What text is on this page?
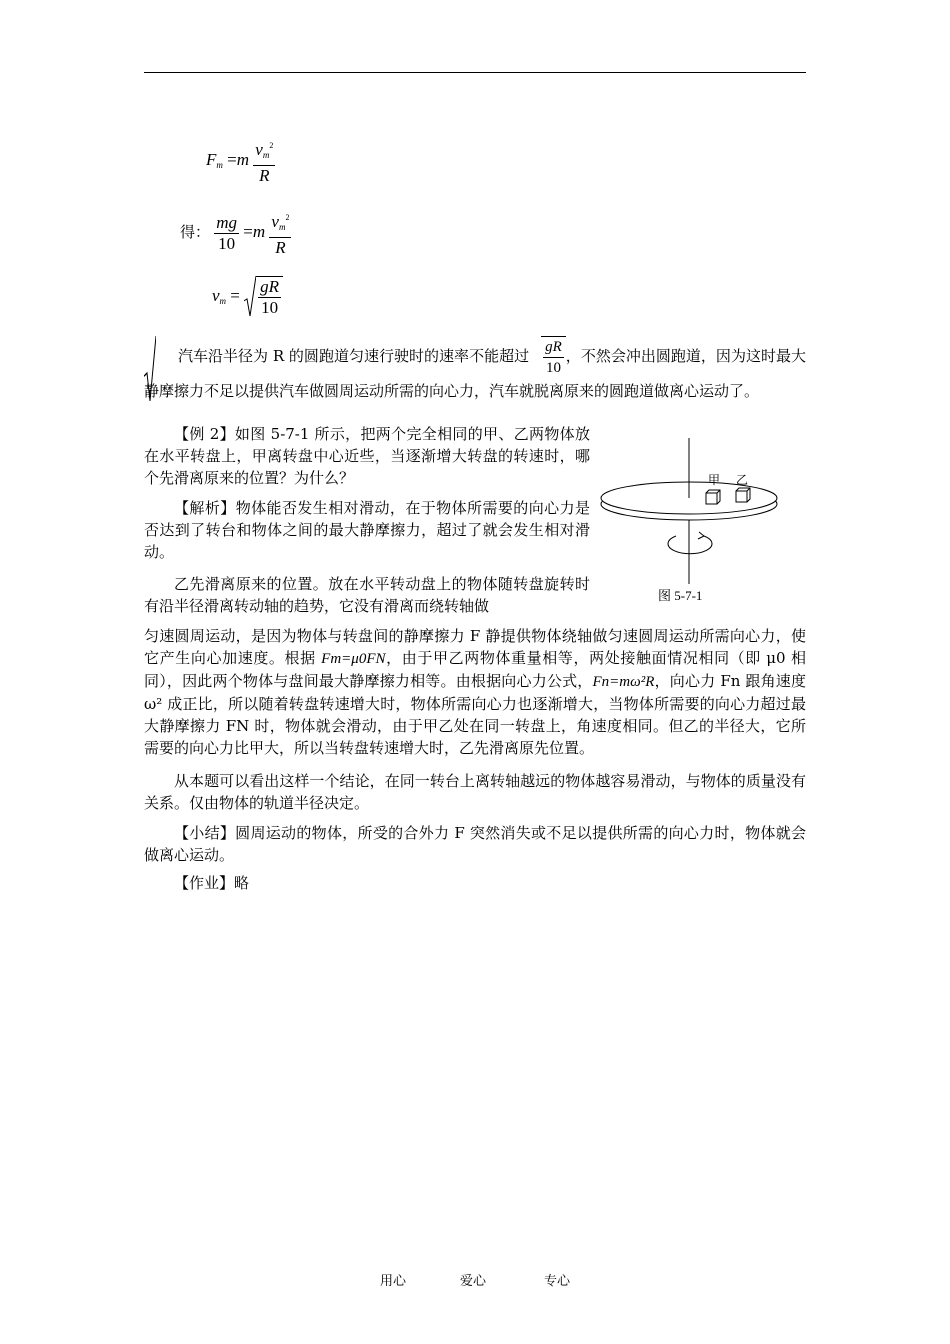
$F_m =m \frac{v_m^2}{R}$
得： $\frac{mg}{10} =m \frac{v_m^2}{R}$
$v_m = \frac{gR}{10}$
汽车沿半径为 R 的圆跑道匀速行驶时的速率不能超过 $\frac{gR}{10}$ ，不然会冲出圆跑道，因为这时最大静摩擦力不足以提供汽车做圆周运动所需的向心力，汽车就脱离原来的圆跑道做离心运动了。
【例 2】如图 5-7-1 所示，把两个完全相同的甲、乙两物体放在水平转盘上，甲离转盘中心近些，当逐渐增大转盘的转速时，哪个先滑离原来的位置？为什么？
【解析】物体能否发生相对滑动，在于物体所需要的向心力是否达到了转台和物体之间的最大静摩擦力，超过了就会发生相对滑动。
乙先滑离原来的位置。放在水平转动盘上的物体随转盘旋转时有沿半径滑离转动轴的趋势，它没有滑离而绕转轴做
甲 乙
图 5-7-1
匀速圆周运动，是因为物体与转盘间的静摩擦力 F 静提供物体绕轴做匀速圆周运动所需向心力，使它产生向心加速度。根据 Fm=μ0FN，由于甲乙两物体重量相等，两处接触面情况相同（即 μ0 相同），因此两个物体与盘间最大静摩擦力相等。由根据向心力公式，Fn=mω²R，向心力 Fn 跟角速度 ω² 成正比，所以随着转盘转速增大时，物体所需向心力也逐渐增大，当物体所需要的向心力超过最大静摩擦力 FN 时，物体就会滑动，由于甲乙处在同一转盘上，角速度相同。但乙的半径大，它所需要的向心力比甲大，所以当转盘转速增大时，乙先滑离原先位置。
从本题可以看出这样一个结论，在同一转台上离转轴越远的物体越容易滑动，与物体的质量没有关系。仅由物体的轨道半径决定。
【小结】圆周运动的物体，所受的合外力 F 突然消失或不足以提供所需的向心力时，物体就会做离心运动。
【作业】略
用心	爱心	专心
